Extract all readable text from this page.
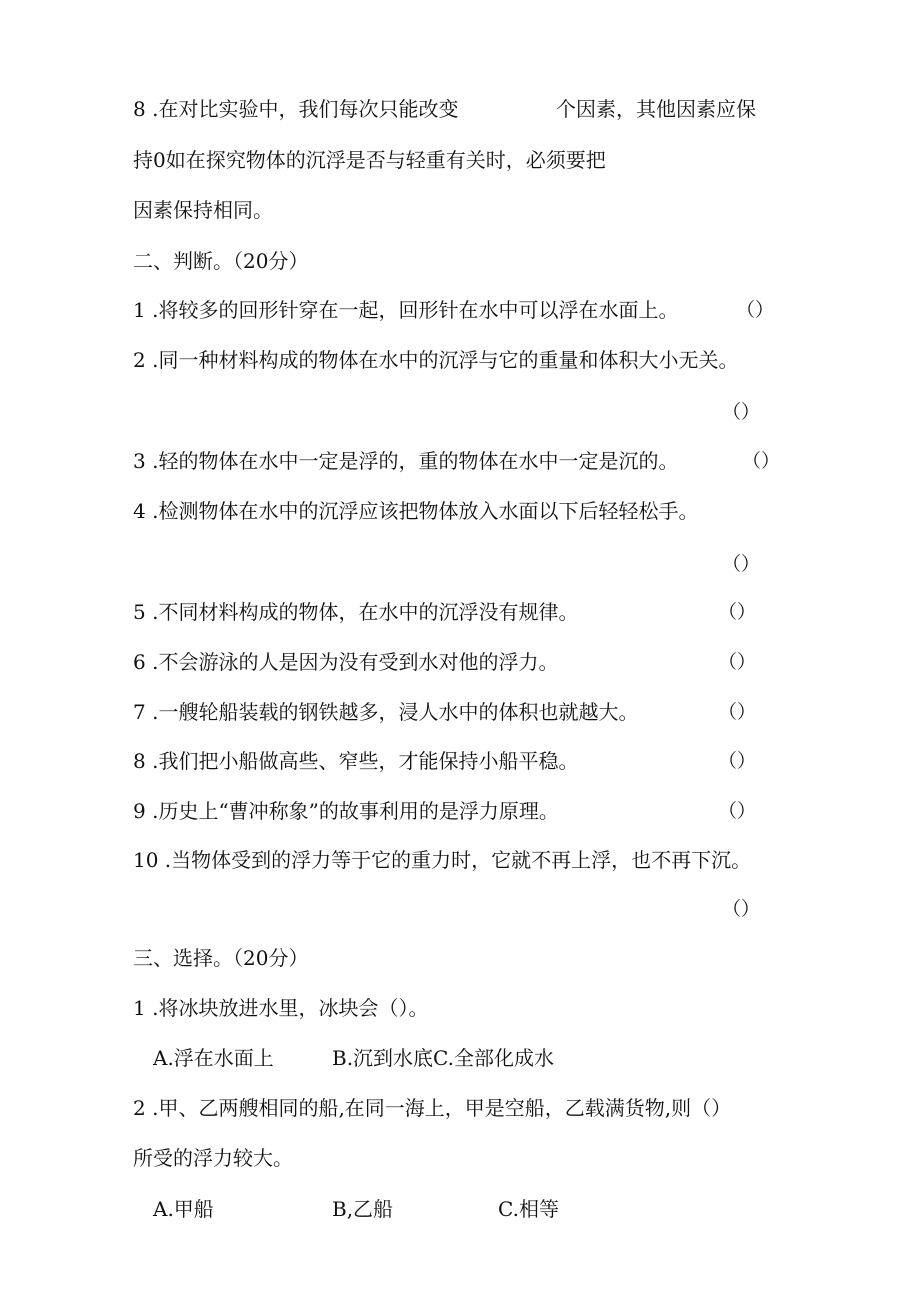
8 .在对比实验中，我们每次只能改变	个因素，其他因素应保
持0如在探究物体的沉浮是否与轻重有关时，必须要把
因素保持相同。
二、判断。（20分）
1 .将较多的回形针穿在一起，回形针在水中可以浮在水面上。	（）
2 .同一种材料构成的物体在水中的沉浮与它的重量和体积大小无关。
（）
3 .轻的物体在水中一定是浮的，重的物体在水中一定是沉的。	（）
4 .检测物体在水中的沉浮应该把物体放入水面以下后轻轻松手。
（）
5 .不同材料构成的物体，在水中的沉浮没有规律。	（）
6 .不会游泳的人是因为没有受到水对他的浮力。	（）
7 .一艘轮船装载的钢铁越多，浸人水中的体积也就越大。	（）
8 .我们把小船做高些、窄些，才能保持小船平稳。	（）
9 .历史上“曹冲称象”的故事利用的是浮力原理。	（）
10 .当物体受到的浮力等于它的重力时，它就不再上浮，也不再下沉。
（）
三、选择。（20分）
1 .将冰块放进水里，冰块会（）。
A.浮在水面上	B.沉到水底C.全部化成水
2 .甲、乙两艘相同的船,在同一海上，甲是空船，乙载满货物,则（）
所受的浮力较大。
A.甲船	B,乙船	C.相等
